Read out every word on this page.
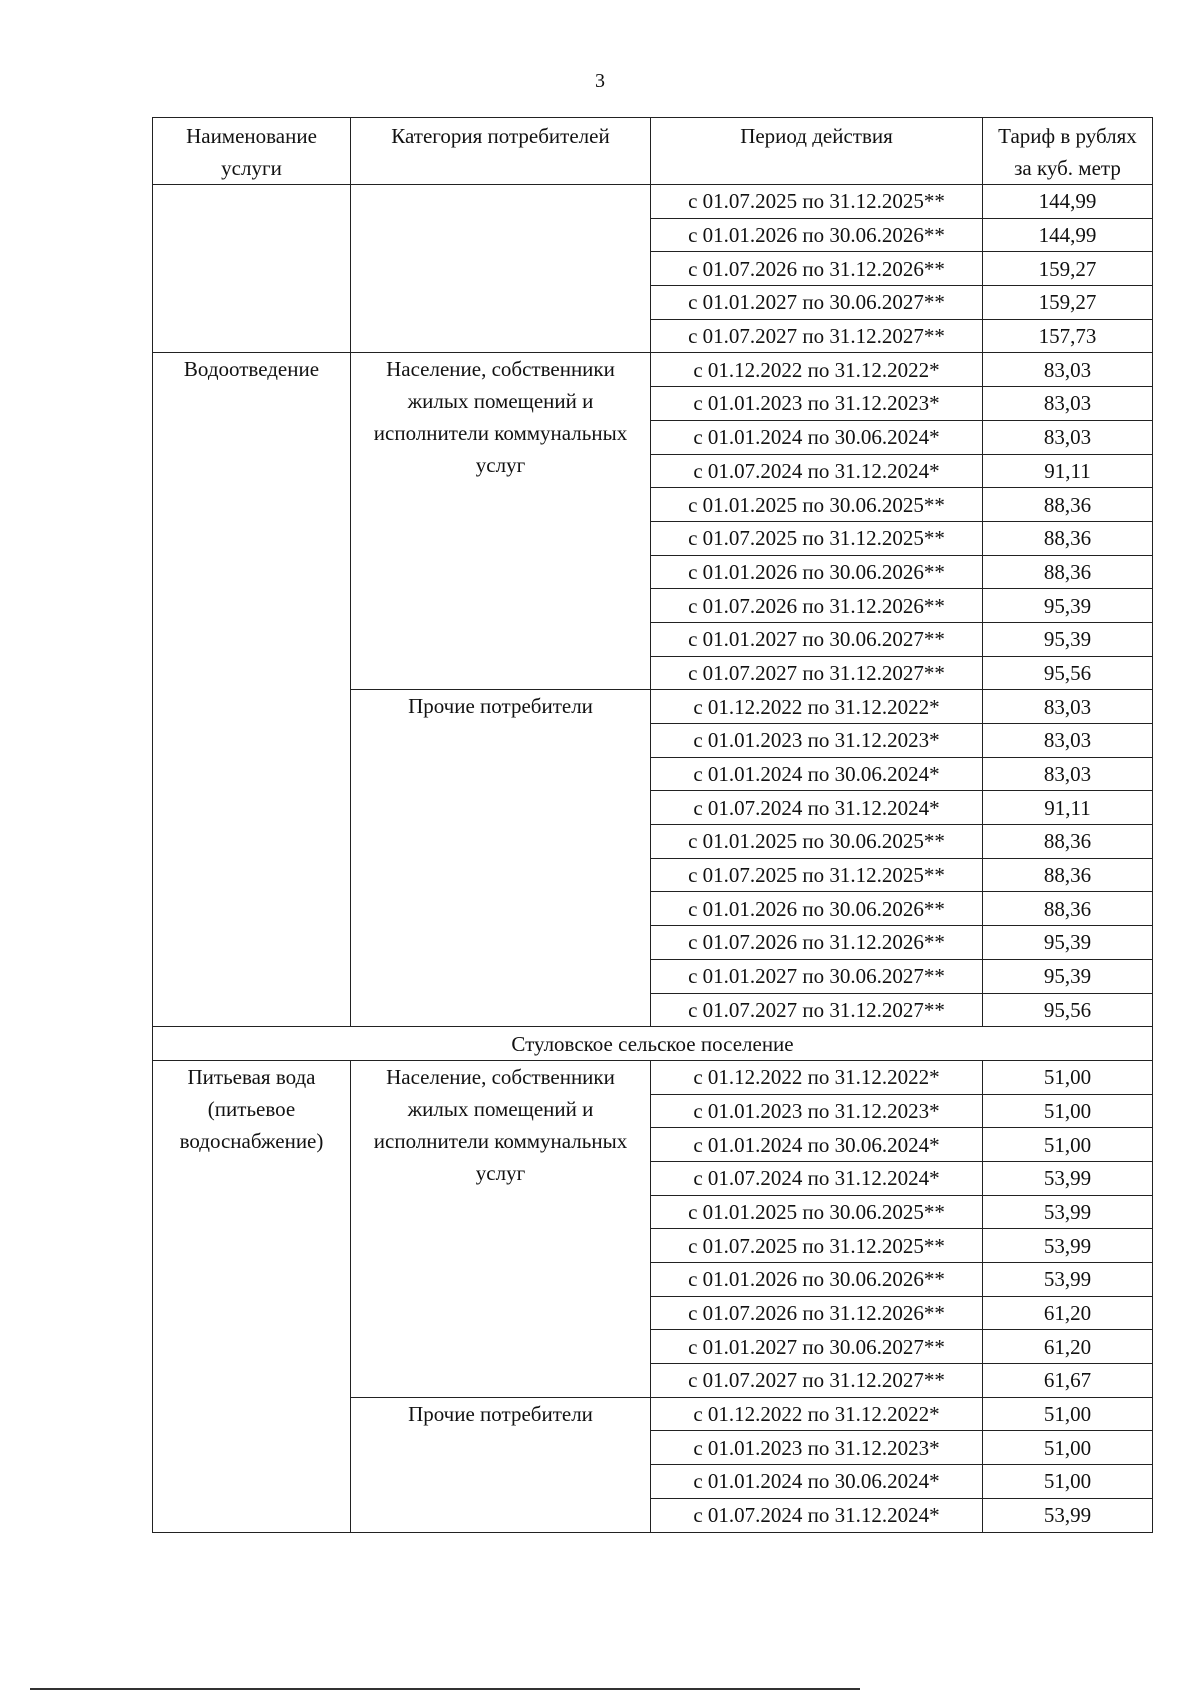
3
Наименование услуги	Категория потребителей	Период действия	Тариф в рублях за куб. метр
		с 01.07.2025 по 31.12.2025**	144,99
		с 01.01.2026 по 30.06.2026**	144,99
		с 01.07.2026 по 31.12.2026**	159,27
		с 01.01.2027 по 30.06.2027**	159,27
		с 01.07.2027 по 31.12.2027**	157,73
Водоотведение	Население, собственники жилых помещений и исполнители коммунальных услуг	с 01.12.2022 по 31.12.2022*	83,03
		с 01.01.2023 по 31.12.2023*	83,03
		с 01.01.2024 по 30.06.2024*	83,03
		с 01.07.2024 по 31.12.2024*	91,11
		с 01.01.2025 по 30.06.2025**	88,36
		с 01.07.2025 по 31.12.2025**	88,36
		с 01.01.2026 по 30.06.2026**	88,36
		с 01.07.2026 по 31.12.2026**	95,39
		с 01.01.2027 по 30.06.2027**	95,39
		с 01.07.2027 по 31.12.2027**	95,56
	Прочие потребители	с 01.12.2022 по 31.12.2022*	83,03
		с 01.01.2023 по 31.12.2023*	83,03
		с 01.01.2024 по 30.06.2024*	83,03
		с 01.07.2024 по 31.12.2024*	91,11
		с 01.01.2025 по 30.06.2025**	88,36
		с 01.07.2025 по 31.12.2025**	88,36
		с 01.01.2026 по 30.06.2026**	88,36
		с 01.07.2026 по 31.12.2026**	95,39
		с 01.01.2027 по 30.06.2027**	95,39
		с 01.07.2027 по 31.12.2027**	95,56
Стуловское сельское поселение			
Питьевая вода (питьевое водоснабжение)	Население, собственники жилых помещений и исполнители коммунальных услуг	с 01.12.2022 по 31.12.2022*	51,00
		с 01.01.2023 по 31.12.2023*	51,00
		с 01.01.2024 по 30.06.2024*	51,00
		с 01.07.2024 по 31.12.2024*	53,99
		с 01.01.2025 по 30.06.2025**	53,99
		с 01.07.2025 по 31.12.2025**	53,99
		с 01.01.2026 по 30.06.2026**	53,99
		с 01.07.2026 по 31.12.2026**	61,20
		с 01.01.2027 по 30.06.2027**	61,20
		с 01.07.2027 по 31.12.2027**	61,67
	Прочие потребители	с 01.12.2022 по 31.12.2022*	51,00
		с 01.01.2023 по 31.12.2023*	51,00
		с 01.01.2024 по 30.06.2024*	51,00
		с 01.07.2024 по 31.12.2024*	53,99
